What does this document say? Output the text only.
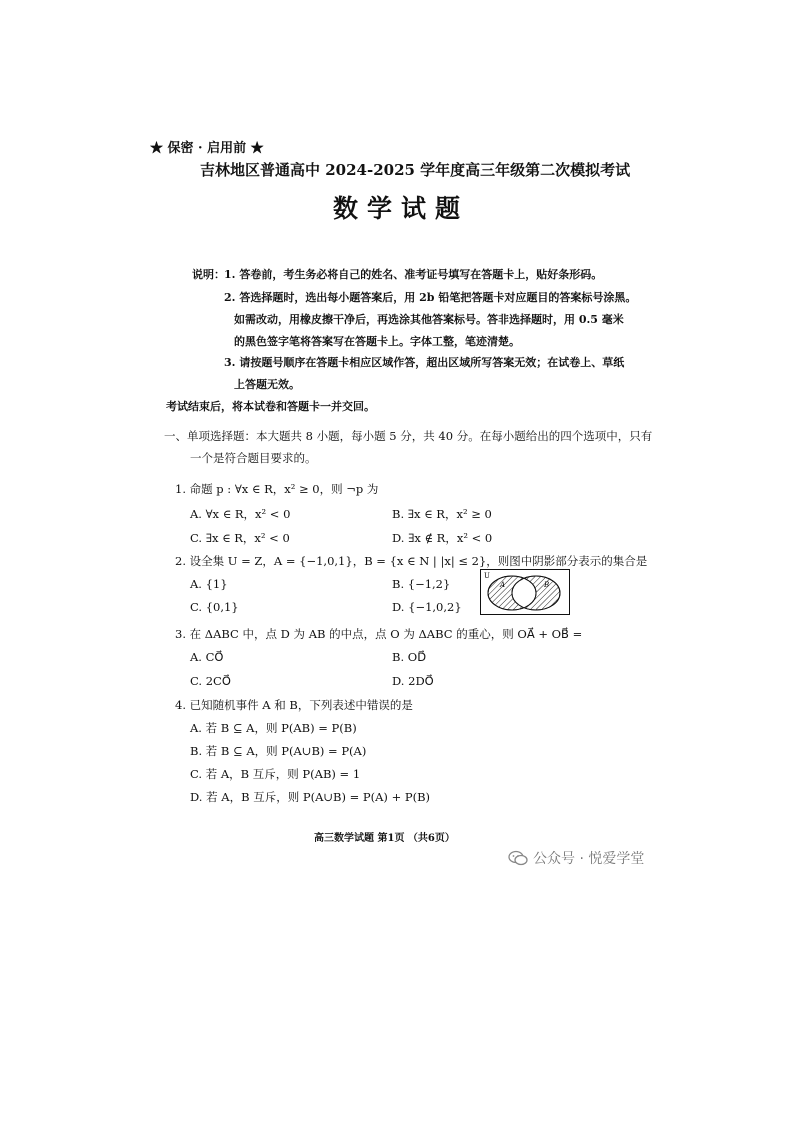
★ 保密 · 启用前 ★
吉林地区普通高中 2024-2025 学年度高三年级第二次模拟考试
数学试题
说明： 1. 答卷前，考生务必将自己的姓名、准考证号填写在答题卡上，贴好条形码。
2. 答选择题时，选出每小题答案后，用 2b 铅笔把答题卡对应题目的答案标号涂黑。
如需改动，用橡皮擦干净后，再选涂其他答案标号。答非选择题时，用 0.5 毫米
的黑色签字笔将答案写在答题卡上。字体工整，笔迹清楚。
3. 请按题号顺序在答题卡相应区域作答，超出区域所写答案无效；在试卷上、草纸
上答题无效。
考试结束后，将本试卷和答题卡一并交回。
一、单项选择题：本大题共 8 小题，每小题 5 分，共 40 分。在每小题给出的四个选项中，只有
一个是符合题目要求的。
1. 命题 p : ∀x ∈ R，x² ≥ 0，则 ¬p 为
A. ∀x ∈ R，x² < 0	B. ∃x ∈ R，x² ≥ 0
C. ∃x ∈ R，x² < 0	D. ∃x ∉ R，x² < 0
2. 设全集 U = Z，A = {−1,0,1}，B = {x ∈ N | |x| ≤ 2}，则图中阴影部分表示的集合是
A. {1}	B. {−1,2}
C. {0,1}	D. {−1,0,2}
U
A	B
3. 在 ΔABC 中，点 D 为 AB 的中点，点 O 为 ΔABC 的重心，则 OA⃗ + OB⃗ =
A. CO⃗	B. OD⃗
C. 2CO⃗	D. 2DO⃗
4. 已知随机事件 A 和 B，下列表述中错误的是
A. 若 B ⊆ A，则 P(AB) = P(B)
B. 若 B ⊆ A，则 P(A∪B) = P(A)
C. 若 A，B 互斥，则 P(AB) = 1
D. 若 A，B 互斥，则 P(A∪B) = P(A) + P(B)
高三数学试题 第1页 （共6页）
公众号 · 悦爱学堂
